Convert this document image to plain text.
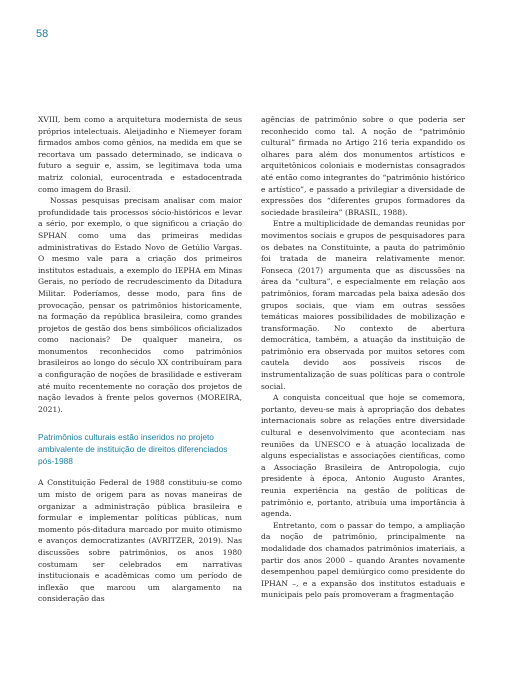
58

XVIII, bem como a arquitetura modernista de seus próprios intelectuais. Aleijadinho e Niemeyer foram firmados ambos como gênios, na medida em que se recortava um passado determinado, se indicava o futuro a seguir e, assim, se legitimava toda uma matriz colonial, eurocentrada e estadocentrada como imagem do Brasil.

Nossas pesquisas precisam analisar com maior profundidade tais processos sócio-históricos e levar a sério, por exemplo, o que significou a criação do SPHAN como uma das primeiras medidas administrativas do Estado Novo de Getúlio Vargas. O mesmo vale para a criação dos primeiros institutos estaduais, a exemplo do IEPHA em Minas Gerais, no período de recrudescimento da Ditadura Militar. Poderíamos, desse modo, para fins de provocação, pensar os patrimônios historicamente, na formação da república brasileira, como grandes projetos de gestão dos bens simbólicos oficializados como nacionais? De qualquer maneira, os monumentos reconhecidos como patrimônios brasileiros ao longo do século XX contribuíram para a configuração de noções de brasilidade e estiveram até muito recentemente no coração dos projetos de nação levados à frente pelos governos (MOREIRA, 2021).

Patrimônios culturais estão inseridos no projeto ambivalente de instituição de direitos diferenciados pós-1988

A Constituição Federal de 1988 constituiu-se como um misto de origem para as novas maneiras de organizar a administração pública brasileira e formular e implementar políticas públicas, num momento pós-ditadura marcado por muito otimismo e avanços democratizantes (AVRITZER, 2019). Nas discussões sobre patrimônios, os anos 1980 costumam ser celebrados em narrativas institucionais e acadêmicas como um período de inflexão que marcou um alargamento na consideração das

agências de patrimônio sobre o que poderia ser reconhecido como tal. A noção de “patrimônio cultural” firmada no Artigo 216 teria expandido os olhares para além dos monumentos artísticos e arquitetônicos coloniais e modernistas consagrados até então como integrantes do “patrimônio histórico e artístico”, e passado a privilegiar a diversidade de expressões dos “diferentes grupos formadores da sociedade brasileira” (BRASIL, 1988).

Entre a multiplicidade de demandas reunidas por movimentos sociais e grupos de pesquisadores para os debates na Constituinte, a pauta do patrimônio foi tratada de maneira relativamente menor. Fonseca (2017) argumenta que as discussões na área da “cultura”, e especialmente em relação aos patrimônios, foram marcadas pela baixa adesão dos grupos sociais, que viam em outras sessões temáticas maiores possibilidades de mobilização e transformação. No contexto de abertura democrática, também, a atuação da instituição de patrimônio era observada por muitos setores com cautela devido aos possíveis riscos de instrumentalização de suas políticas para o controle social.

A conquista conceitual que hoje se comemora, portanto, deveu-se mais à apropriação dos debates internacionais sobre as relações entre diversidade cultural e desenvolvimento que aconteciam nas reuniões da UNESCO e à atuação localizada de alguns especialistas e associações científicas, como a Associação Brasileira de Antropologia, cujo presidente à época, Antonio Augusto Arantes, reunia experiência na gestão de políticas de patrimônio e, portanto, atribuía uma importância à agenda.

Entretanto, com o passar do tempo, a ampliação da noção de patrimônio, principalmente na modalidade dos chamados patrimônios imateriais, a partir dos anos 2000 – quando Arantes novamente desempenhou papel demiúrgico como presidente do IPHAN –, e a expansão dos institutos estaduais e municipais pelo país promoveram a fragmentação
